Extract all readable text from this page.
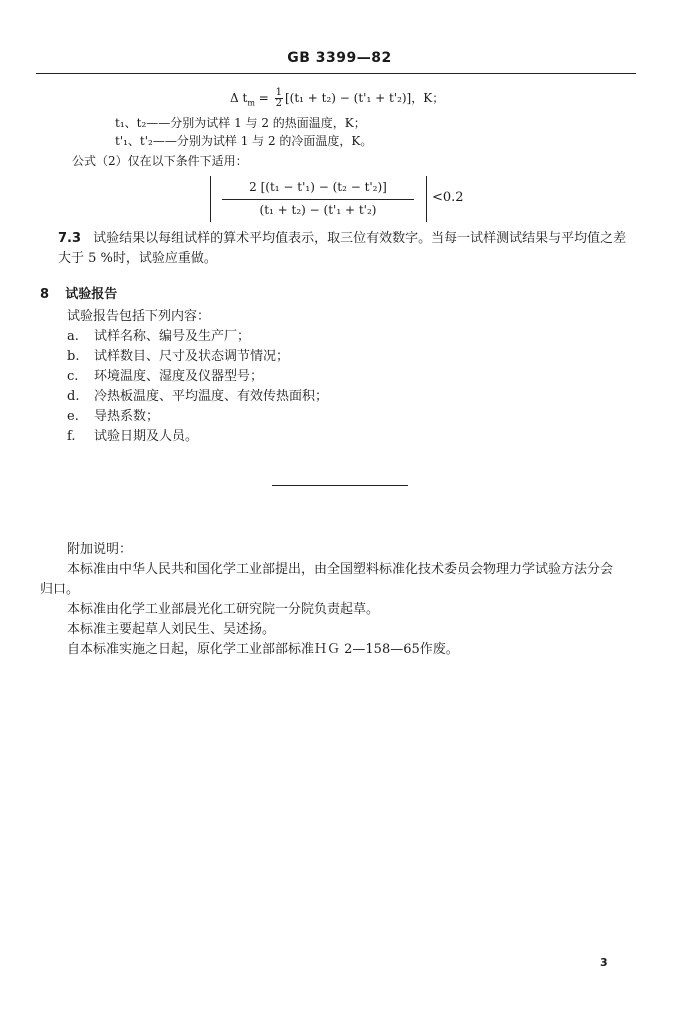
GB 3399—82
Δ $t_m = \frac{1}{2} [(t_1 + t_2) - (t'_1 + t'_2)]$，K；
t₁、t₂——分别为试样 1 与 2 的热面温度，K；
t'₁、t'₂——分别为试样 1 与 2 的冷面温度，K。
公式（2）仅在以下条件下适用：
2 [(t₁ − t'₁) − (t₂ − t'₂)]
(t₁ + t₂) − (t'₁ + t'₂)
<0.2
7.3 试验结果以每组试样的算术平均值表示，取三位有效数字。当每一试样测试结果与平均值之差
大于 5 %时，试验应重做。
8 试验报告
试验报告包括下列内容：
a. 试样名称、编号及生产厂；
b. 试样数目、尺寸及状态调节情况；
c. 环境温度、湿度及仪器型号；
d. 冷热板温度、平均温度、有效传热面积；
e. 导热系数；
f. 试验日期及人员。
附加说明：
本标准由中华人民共和国化学工业部提出，由全国塑料标准化技术委员会物理力学试验方法分会
归口。
本标准由化学工业部晨光化工研究院一分院负责起草。
本标准主要起草人刘民生、吴述扬。
自本标准实施之日起，原化学工业部部标准ＨＧ 2—158—65作废。
3
